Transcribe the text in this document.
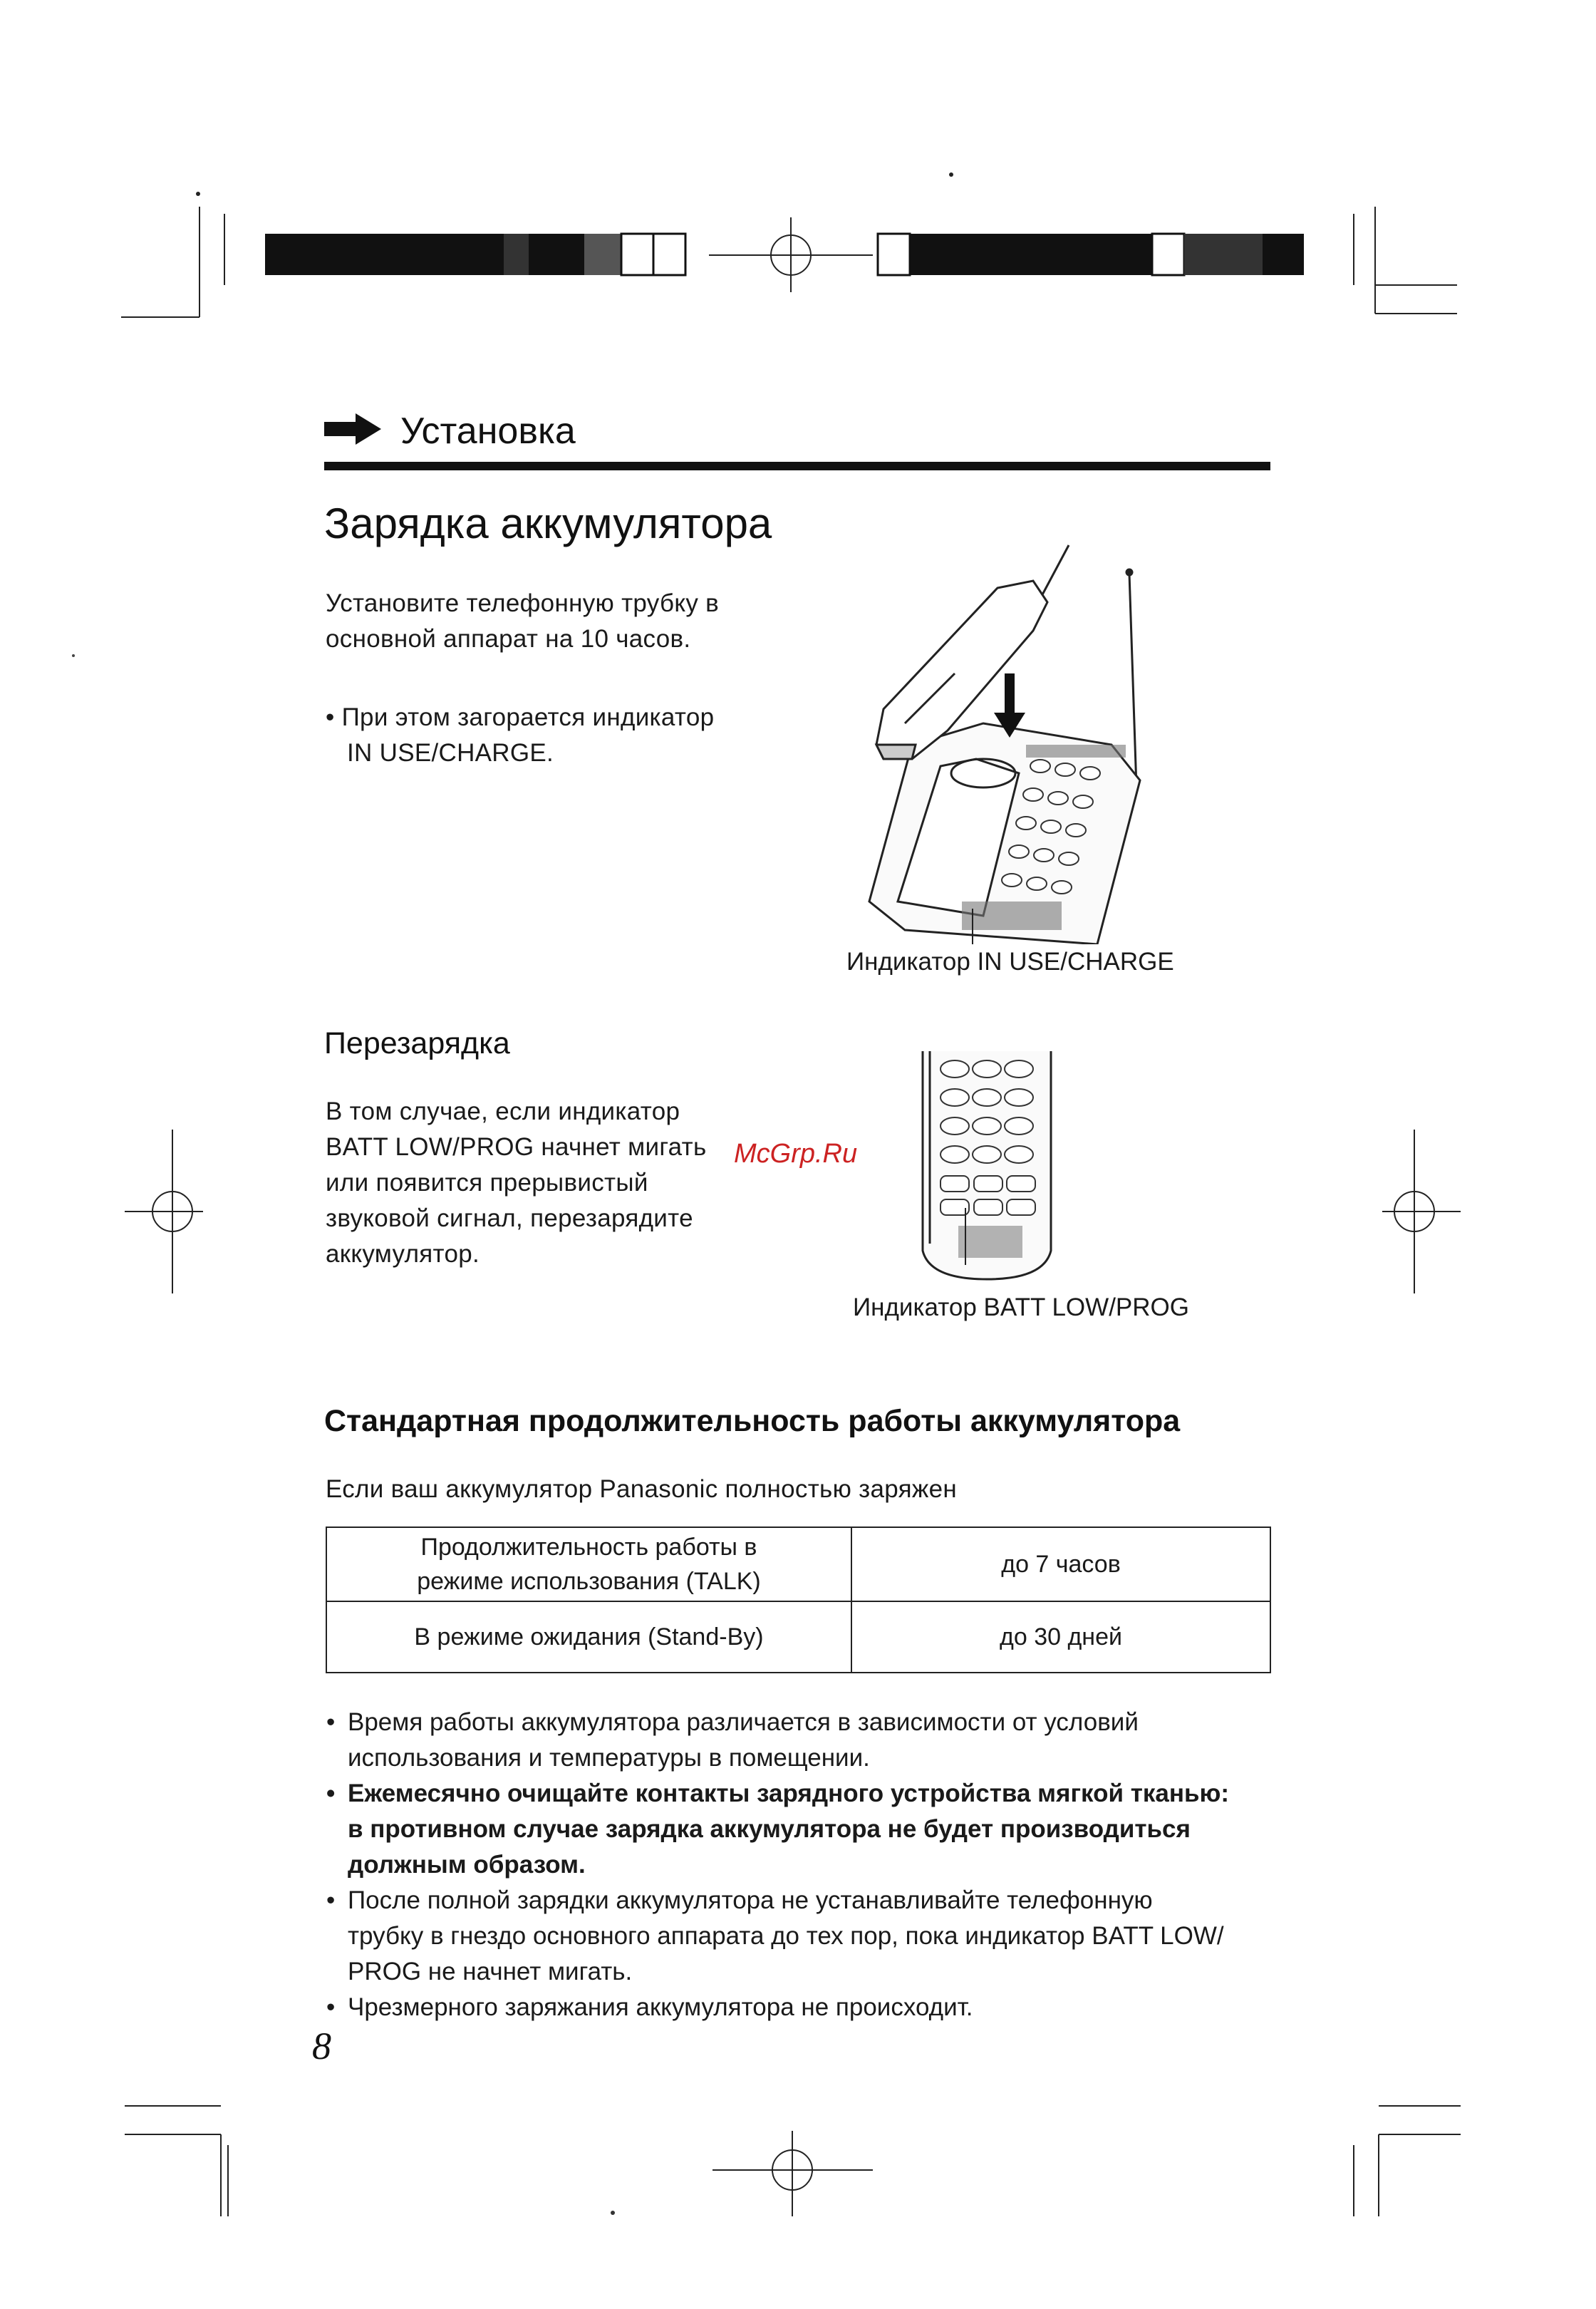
Установка
Зарядка аккумулятора
Установите телефонную трубку в
основной аппарат на 10 часов.
• При этом загорается индикатор
IN USE/CHARGE.
Индикатор IN USE/CHARGE
Перезарядка
В том случае, если индикатор
BATT LOW/PROG начнет мигать
или появится прерывистый
звуковой сигнал, перезарядите
аккумулятор.
McGrp.Ru
Индикатор BATT LOW/PROG
Стандартная продолжительность работы аккумулятора
Если ваш аккумулятор Panasonic полностью заряжен
Продолжительность работы в
режиме использования (TALK)	до 7 часов
В режиме ожидания (Stand-By)	до 30 дней
• Время работы аккумулятора различается в зависимости от условий
использования и температуры в помещении.
• Ежемесячно очищайте контакты зарядного устройства мягкой тканью:
в противном случае зарядка аккумулятора не будет производиться
должным образом.
• После полной зарядки аккумулятора не устанавливайте телефонную
трубку в гнездо основного аппарата до тех пор, пока индикатор BATT LOW/
PROG не начнет мигать.
• Чрезмерного заряжания аккумулятора не происходит.
8
